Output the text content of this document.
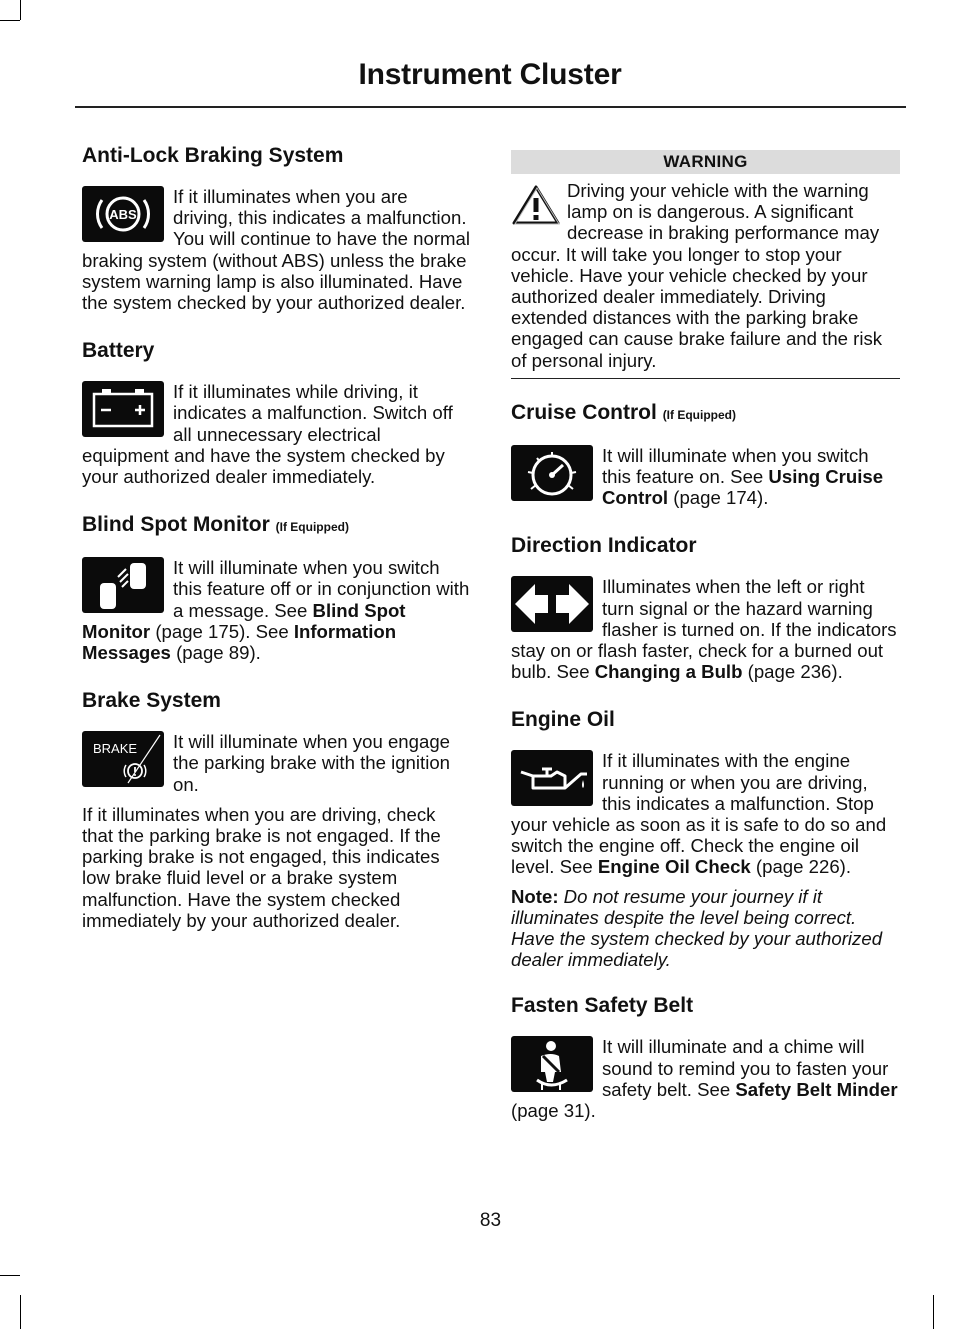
Instrument Cluster
Anti-Lock Braking System
ABS

If it illuminates when you are driving, this indicates a malfunction. You will continue to have the normal braking system (without ABS) unless the brake system warning lamp is also illuminated. Have the system checked by your authorized dealer.

Battery

If it illuminates while driving, it indicates a malfunction. Switch off all unnecessary electrical equipment and have the system checked by your authorized dealer immediately.

Blind Spot Monitor (If Equipped)

It will illuminate when you switch this feature off or in conjunction with a message. See Blind Spot Monitor (page 175). See Information Messages (page 89).

Brake System
BRAKE	It will illuminate when you engage the parking brake with the ignition on.

If it illuminates when you are driving, check that the parking brake is not engaged. If the parking brake is not engaged, this indicates low brake fluid level or a brake system malfunction. Have the system checked immediately by your authorized dealer.

WARNING

Driving your vehicle with the warning lamp on is dangerous. A significant decrease in braking performance may occur. It will take you longer to stop your vehicle. Have your vehicle checked by your authorized dealer immediately. Driving extended distances with the parking brake engaged can cause brake failure and the risk of personal injury.

Cruise Control (If Equipped)

It will illuminate when you switch this feature on. See Using Cruise Control (page 174).

Direction Indicator

Illuminates when the left or right turn signal or the hazard warning flasher is turned on. If the indicators stay on or flash faster, check for a burned out bulb. See Changing a Bulb (page 236).

Engine Oil

If it illuminates with the engine running or when you are driving, this indicates a malfunction. Stop your vehicle as soon as it is safe to do so and switch the engine off. Check the engine oil level. See Engine Oil Check (page 226).

Note: Do not resume your journey if it illuminates despite the level being correct. Have the system checked by your authorized dealer immediately.

Fasten Safety Belt

It will illuminate and a chime will sound to remind you to fasten your safety belt. See Safety Belt Minder (page 31).

83
